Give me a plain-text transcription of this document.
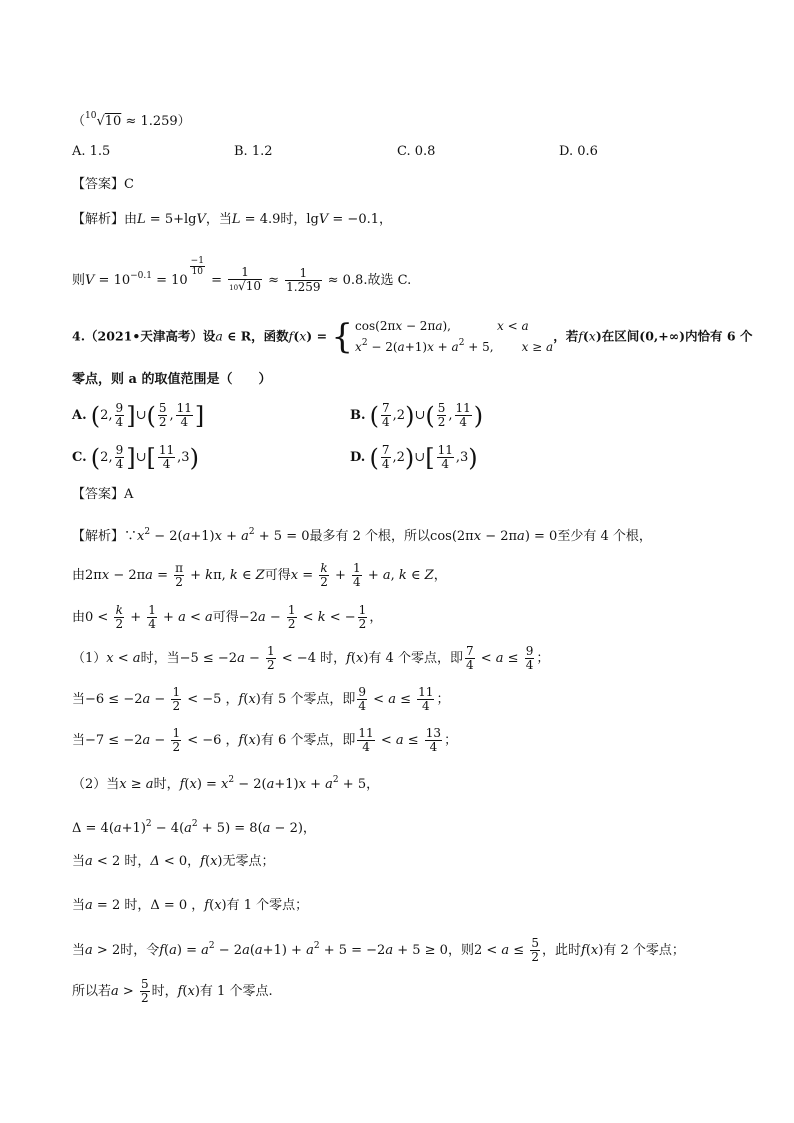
（$^{10}$√10 ≈ 1.259）
A. 1.5	B. 1.2	C. 0.8	D. 0.6
【答案】C
【解析】由L = 5+lgV，当L = 4.9时，lgV = −0.1，
则$V = 10^{-0.1} = 10$
$\frac{-1}{10}$
= $\frac{1}{10√10} \approx \frac{1}{1.259} \approx 0.8$.故选 C.
4.（2021•天津高考）设a ∈ R，函数f(x) = { cos(2πx − 2πa),	x < a
$x^2 - 2(a+1)x + a^2 + 5$, x ≥ a
，若f(x)在区间(0,+∞)内恰有 6 个
零点，则 a 的取值范围是（　　）
A. (2, $\frac{9}{4}$ ]∪( $\frac{5}{2}$ , $\frac{11}{4}$ ]	B. ( $\frac{7}{4}$ ,2)∪( $\frac{5}{2}$ , $\frac{11}{4}$ )
C. (2, $\frac{9}{4}$ ]∪[ $\frac{11}{4} ,3$)	D. ( $\frac{7}{4}$ ,2)∪[ $\frac{11}{4} ,3$)
【答案】A
【解析】$\because x^2 - 2(a+1)x + a^2 + 5 = 0$最多有 2 个根，所以cos(2πx − 2πa) = 0至少有 4 个根，
由$2\pi x - 2\pi a = \frac{\pi}{2} + k\pi$, k ∈ Z可得$x = \frac{k}{2} + \frac{1}{4} + a$, k ∈ Z，
由$0 < \frac{k}{2} + \frac{1}{4} + a < a$可得$-2a - \frac{1}{2} < k$ < − $\frac{1}{2}$ ，
（1）x < a时，当$-5 \le -2a - \frac{1}{2} < -4$ 时，f(x)有 4 个零点，即 $\frac{7}{4} < a \le \frac{9}{4}$ ；
当$-6 \le -2a - \frac{1}{2} < -5$ ，f(x)有 5 个零点，即 $\frac{9}{4} < a \le \frac{11}{4}$ ；
当$-7 \le -2a - \frac{1}{2} < -6$ ，f(x)有 6 个零点，即 $\frac{11}{4} < a \le \frac{13}{4}$ ；
（2）当x ≥ a时，$f(x) = x^2 - 2(a+1)x + a^2 + 5$，
$\Delta = 4(a+1)^2 - 4(a^2 + 5) = 8(a - 2)$，
当a < 2 时，Δ < 0，f(x)无零点；
当a = 2 时，Δ = 0 ，f(x)有 1 个零点；
当a > 2时，令$f(a) = a^2 - 2a(a+1) + a^2 + 5 = -2a + 5 \ge 0$，则$2 < a \le \frac{5}{2}$ ，此时f(x)有 2 个零点；
所以若$a > \frac{5}{2}$ 时，f(x)有 1 个零点.
